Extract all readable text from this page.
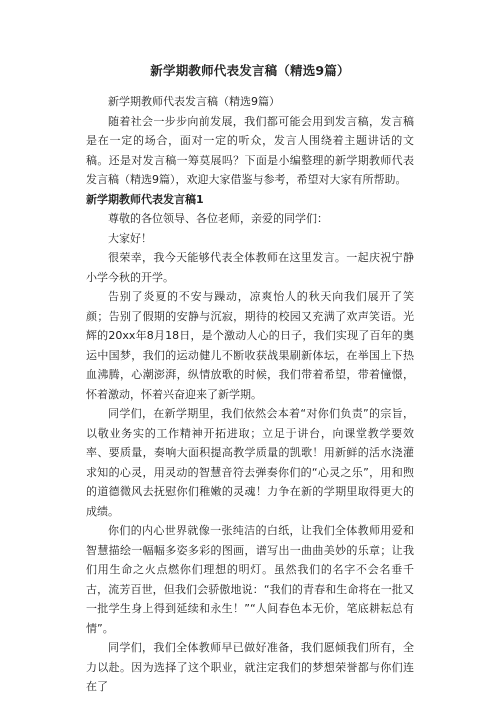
新学期教师代表发言稿（精选9篇）

新学期教师代表发言稿（精选9篇）

随着社会一步步向前发展，我们都可能会用到发言稿，发言稿是在一定的场合，面对一定的听众，发言人围绕着主题讲话的文稿。还是对发言稿一筹莫展吗？下面是小编整理的新学期教师代表发言稿（精选9篇），欢迎大家借鉴与参考，希望对大家有所帮助。

新学期教师代表发言稿1

尊敬的各位领导、各位老师，亲爱的同学们：

大家好！

很荣幸，我今天能够代表全体教师在这里发言。一起庆祝宁静小学今秋的开学。

告别了炎夏的不安与躁动，凉爽怡人的秋天向我们展开了笑颜；告别了假期的安静与沉寂，期待的校园又充满了欢声笑语。光辉的20xx年8月18日，是个激动人心的日子，我们实现了百年的奥运中国梦，我们的运动健儿不断收获战果刷新体坛，在举国上下热血沸腾，心潮澎湃，纵情放歌的时候，我们带着希望，带着憧憬，怀着激动，怀着兴奋迎来了新学期。

同学们，在新学期里，我们依然会本着“对你们负责”的宗旨，以敬业务实的工作精神开拓进取；立足于讲台，向课堂教学要效率、要质量，奏响大面积提高教学质量的凯歌！用新鲜的活水浇灌求知的心灵，用灵动的智慧音符去弹奏你们的“心灵之乐”，用和煦的道德微风去抚慰你们稚嫩的灵魂！力争在新的学期里取得更大的成绩。

你们的内心世界就像一张纯洁的白纸，让我们全体教师用爱和智慧描绘一幅幅多姿多彩的图画，谱写出一曲曲美妙的乐章；让我们用生命之火点燃你们理想的明灯。虽然我们的名字不会名垂千古，流芳百世，但我们会骄傲地说：“我们的青春和生命将在一批又一批学生身上得到延续和永生！”“人间春色本无价，笔底耕耘总有情”。

同学们，我们全体教师早已做好准备，我们愿倾我们所有，全力以赴。因为选择了这个职业，就注定我们的梦想荣誉都与你们连在了
